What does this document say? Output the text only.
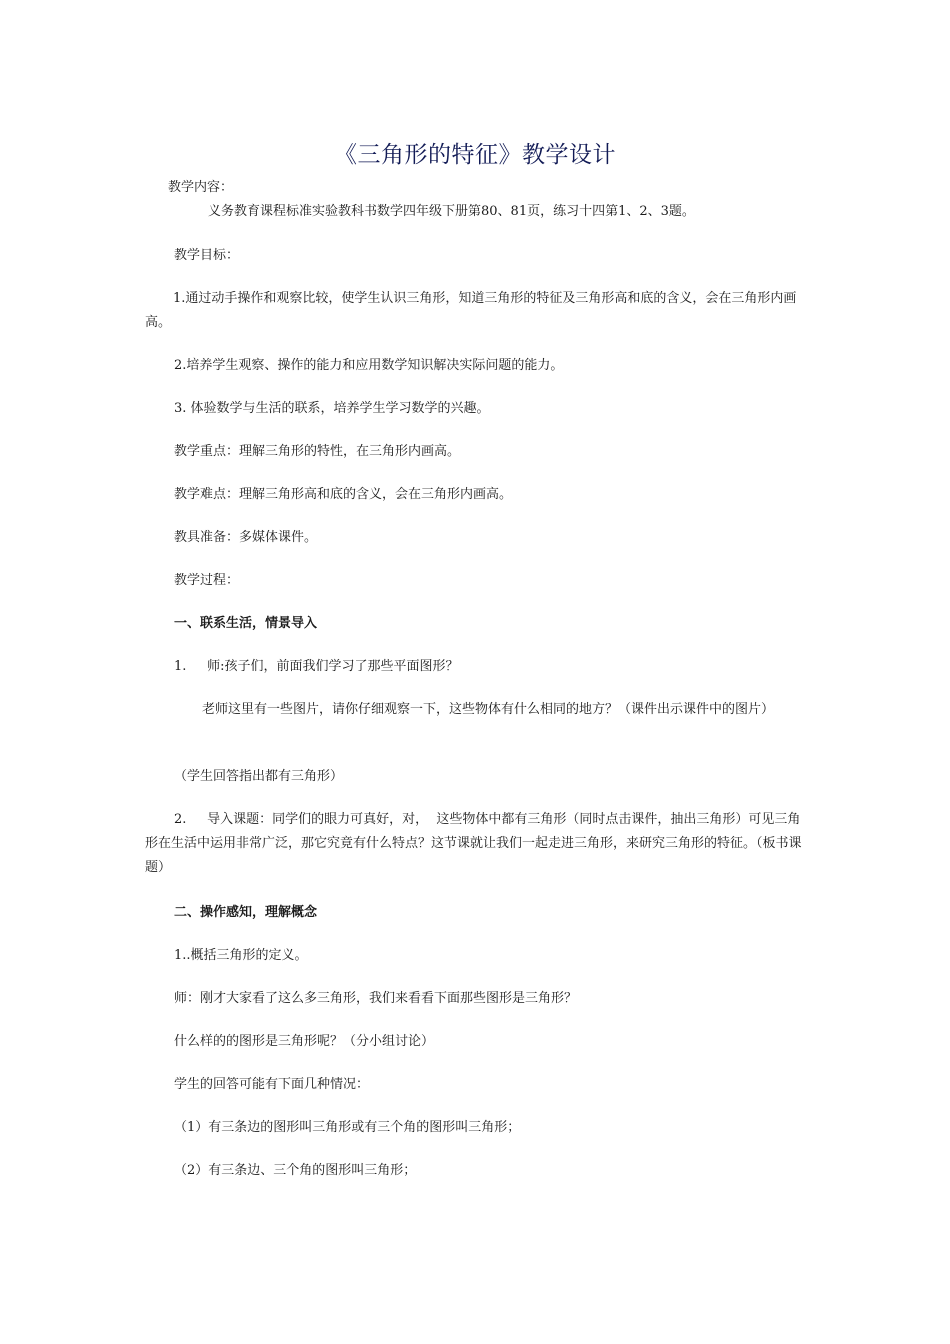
《三角形的特征》教学设计

教学内容：

义务教育课程标准实验教科书数学四年级下册第80、81页，练习十四第1、2、3题。

教学目标：

1.通过动手操作和观察比较，使学生认识三角形，知道三角形的特征及三角形高和底的含义，会在三角形内画高。

2.培养学生观察、操作的能力和应用数学知识解决实际问题的能力。

3. 体验数学与生活的联系，培养学生学习数学的兴趣。

教学重点：理解三角形的特性，在三角形内画高。

教学难点：理解三角形高和底的含义，会在三角形内画高。

教具准备：多媒体课件。

教学过程：

一、联系生活，情景导入

1.     师:孩子们，前面我们学习了那些平面图形？

老师这里有一些图片，请你仔细观察一下，这些物体有什么相同的地方？（课件出示课件中的图片）

（学生回答指出都有三角形）

2.     导入课题：同学们的眼力可真好，对，  这些物体中都有三角形（同时点击课件，抽出三角形）可见三角形在生活中运用非常广泛，那它究竟有什么特点？这节课就让我们一起走进三角形，来研究三角形的特征。（板书课题）

二、操作感知，理解概念

1..概括三角形的定义。

师：刚才大家看了这么多三角形，我们来看看下面那些图形是三角形？

什么样的的图形是三角形呢？（分小组讨论）

学生的回答可能有下面几种情况：

（1）有三条边的图形叫三角形或有三个角的图形叫三角形；

（2）有三条边、三个角的图形叫三角形；
